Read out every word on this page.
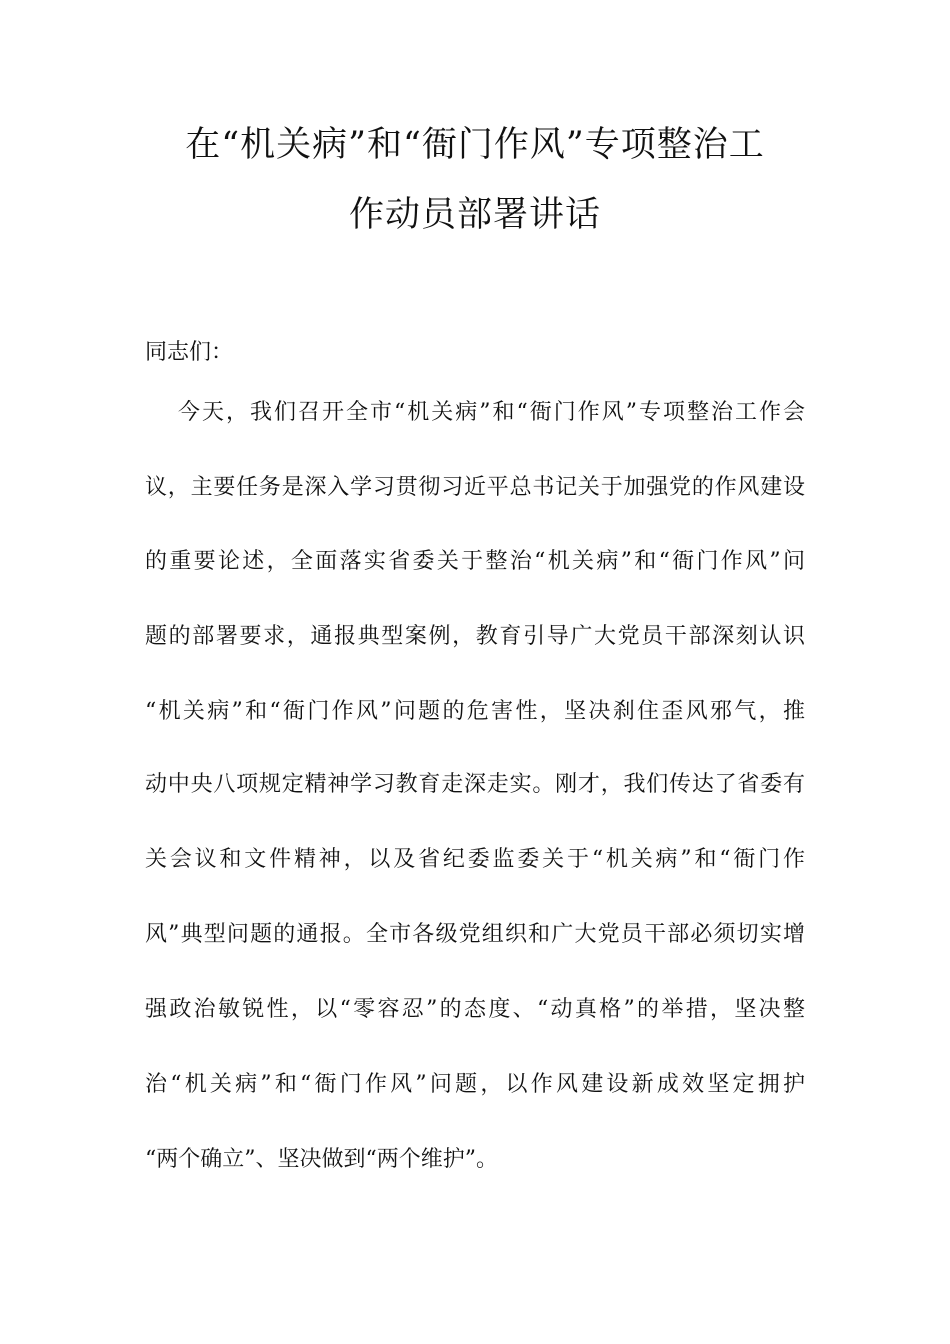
在“机关病”和“衙门作风”专项整治工
作动员部署讲话
同志们：
今天，我们召开全市“机关病”和“衙门作风”专项整治工作会
议，主要任务是深入学习贯彻习近平总书记关于加强党的作风建设
的重要论述，全面落实省委关于整治“机关病”和“衙门作风”问
题的部署要求，通报典型案例，教育引导广大党员干部深刻认识
“机关病”和“衙门作风”问题的危害性，坚决刹住歪风邪气，推
动中央八项规定精神学习教育走深走实。刚才，我们传达了省委有
关会议和文件精神，以及省纪委监委关于“机关病”和“衙门作
风”典型问题的通报。全市各级党组织和广大党员干部必须切实增
强政治敏锐性，以“零容忍”的态度、“动真格”的举措，坚决整
治“机关病”和“衙门作风”问题，以作风建设新成效坚定拥护
“两个确立”、坚决做到“两个维护”。
